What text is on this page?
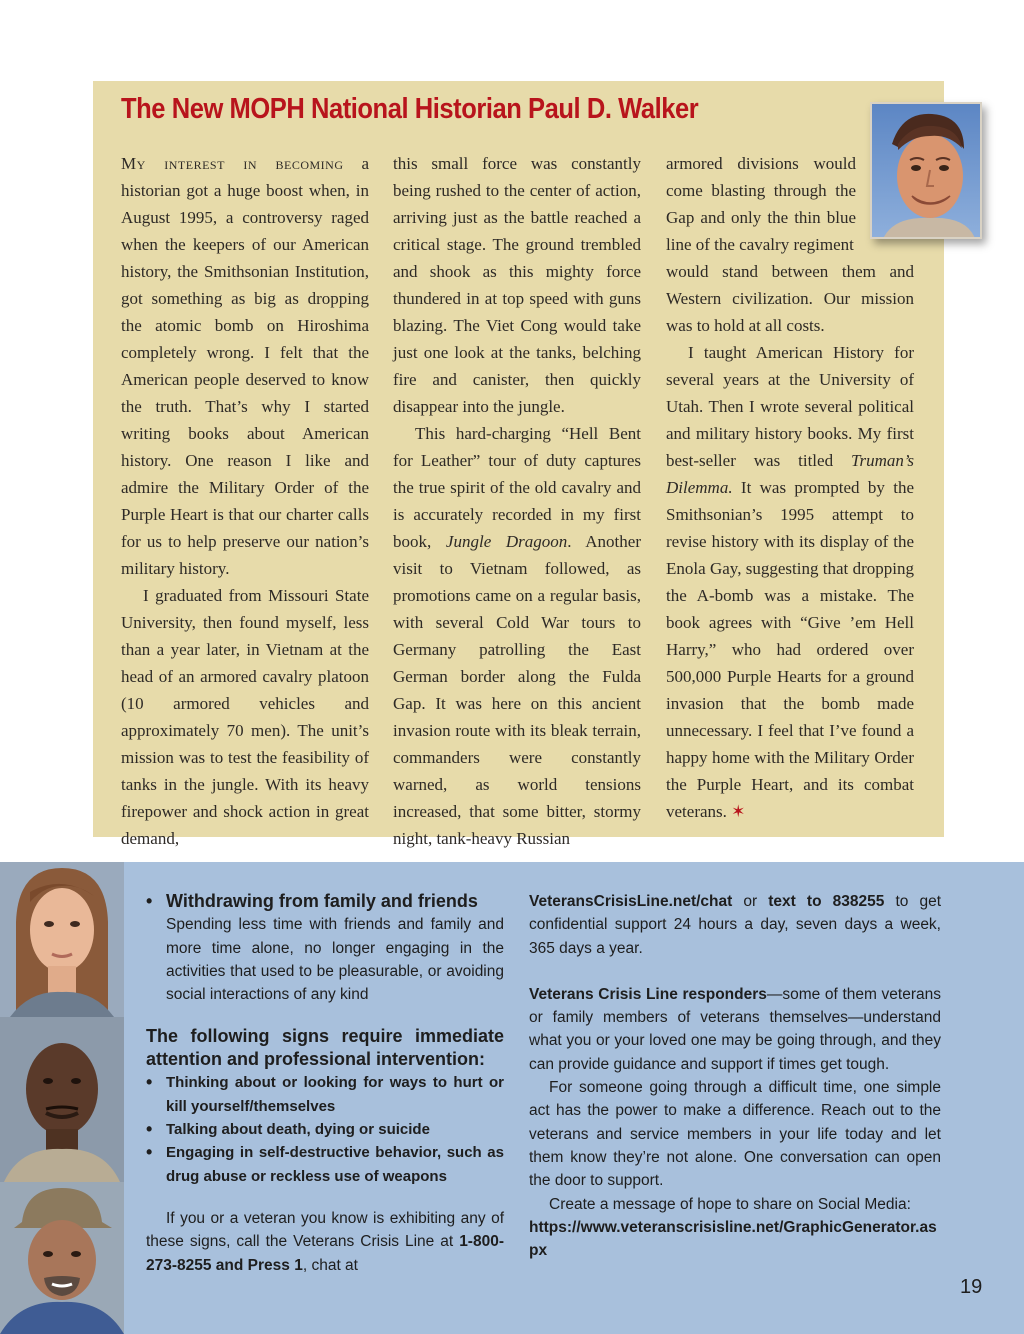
The New MOPH National Historian Paul D. Walker

My interest in becoming a historian got a huge boost when, in August 1995, a controversy raged when the keepers of our American history, the Smithsonian Institution, got something as big as dropping the atomic bomb on Hiroshima completely wrong. I felt that the American people deserved to know the truth. That’s why I started writing books about American history. One reason I like and admire the Military Order of the Purple Heart is that our charter calls for us to help preserve our nation’s military history.

I graduated from Missouri State University, then found myself, less than a year later, in Vietnam at the head of an armored cavalry platoon (10 armored vehicles and approximately 70 men). The unit’s mission was to test the feasibility of tanks in the jungle. With its heavy firepower and shock action in great demand,

this small force was constantly being rushed to the center of action, arriving just as the battle reached a critical stage. The ground trembled and shook as this mighty force thundered in at top speed with guns blazing. The Viet Cong would take just one look at the tanks, belching fire and canister, then quickly disappear into the jungle.

This hard-charging “Hell Bent for Leather” tour of duty captures the true spirit of the old cavalry and is accurately recorded in my first book, Jungle Dragoon. Another visit to Vietnam followed, as promotions came on a regular basis, with several Cold War tours to Germany patrolling the East German border along the Fulda Gap. It was here on this ancient invasion route with its bleak terrain, commanders were constantly warned, as world tensions increased, that some bitter, stormy night, tank-heavy Russian

armored divisions would come blasting through the Gap and only the thin blue line of the cavalry regiment

would stand between them and Western civilization. Our mission was to hold at all costs.

I taught American History for several years at the University of Utah. Then I wrote several political and military history books. My first best-seller was titled Truman’s Dilemma. It was prompted by the Smithsonian’s 1995 attempt to revise history with its display of the Enola Gay, suggesting that dropping the A-bomb was a mistake. The book agrees with “Give ’em Hell Harry,” who had ordered over 500,000 Purple Hearts for a ground invasion that the bomb made unnecessary. I feel that I’ve found a happy home with the Military Order the Purple Heart, and its combat veterans. ✶

• Withdrawing from family and friends

Spending less time with friends and family and more time alone, no longer engaging in the activities that used to be pleasurable, or avoiding social interactions of any kind

The following signs require immediate attention and professional intervention:
• Thinking about or looking for ways to hurt or kill yourself/themselves
• Talking about death, dying or suicide
• Engaging in self-destructive behavior, such as drug abuse or reckless use of weapons

If you or a veteran you know is exhibiting any of these signs, call the Veterans Crisis Line at 1-800-273-8255 and Press 1, chat at

VeteransCrisisLine.net/chat or text to 838255 to get confidential support 24 hours a day, seven days a week, 365 days a year.

Veterans Crisis Line responders—some of them veterans or family members of veterans themselves—understand what you or your loved one may be going through, and they can provide guidance and support if times get tough.

For someone going through a difficult time, one simple act has the power to make a difference. Reach out to the veterans and service members in your life today and let them know they’re not alone. One conversation can open the door to support.

Create a message of hope to share on Social Media:

https://www.veteranscrisisline.net/GraphicGenerator.aspx

19
